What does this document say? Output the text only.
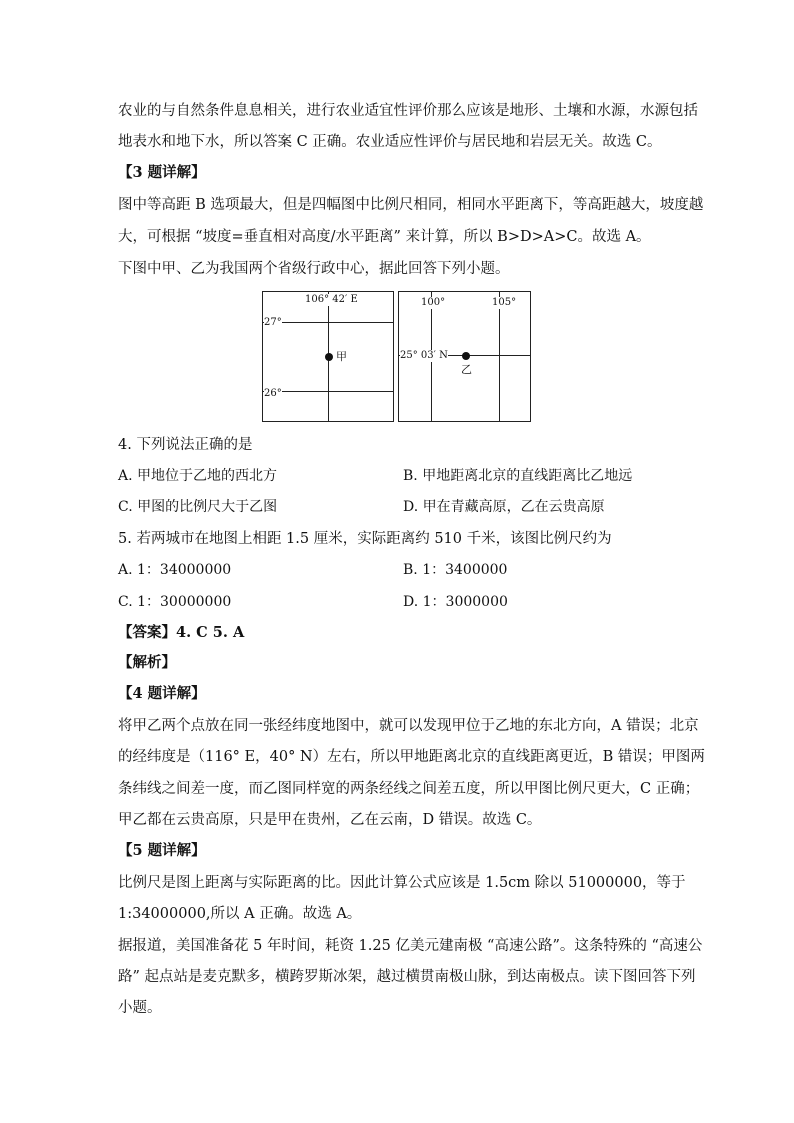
农业的与自然条件息息相关，进行农业适宜性评价那么应该是地形、土壤和水源，水源包括
地表水和地下水，所以答案 C 正确。农业适应性评价与居民地和岩层无关。故选 C。
【3 题详解】
图中等高距 B 选项最大，但是四幅图中比例尺相同，相同水平距离下，等高距越大，坡度越
大，可根据 “坡度=垂直相对高度/水平距离” 来计算，所以 B>D>A>C。故选 A。
下图中甲、乙为我国两个省级行政中心，据此回答下列小题。
106° 42′ E
27°
26°
甲
100°	105°
25° 03′ N
乙
4. 下列说法正确的是
A. 甲地位于乙地的西北方	B. 甲地距离北京的直线距离比乙地远
C. 甲图的比例尺大于乙图	D. 甲在青藏高原，乙在云贵高原
5. 若两城市在地图上相距 1.5 厘米，实际距离约 510 千米，该图比例尺约为
A. 1：34000000	B. 1：3400000
C. 1：30000000	D. 1：3000000
【答案】4. C 5. A
【解析】
【4 题详解】
将甲乙两个点放在同一张经纬度地图中，就可以发现甲位于乙地的东北方向，A 错误；北京
的经纬度是（116° E，40° N）左右，所以甲地距离北京的直线距离更近，B 错误；甲图两
条纬线之间差一度，而乙图同样宽的两条经线之间差五度，所以甲图比例尺更大，C 正确；
甲乙都在云贵高原，只是甲在贵州，乙在云南，D 错误。故选 C。
【5 题详解】
比例尺是图上距离与实际距离的比。因此计算公式应该是 1.5cm 除以 51000000，等于
1:34000000,所以 A 正确。故选 A。
据报道，美国准备花 5 年时间，耗资 1.25 亿美元建南极 “高速公路”。这条特殊的 “高速公
路” 起点站是麦克默多，横跨罗斯冰架，越过横贯南极山脉，到达南极点。读下图回答下列
小题。
